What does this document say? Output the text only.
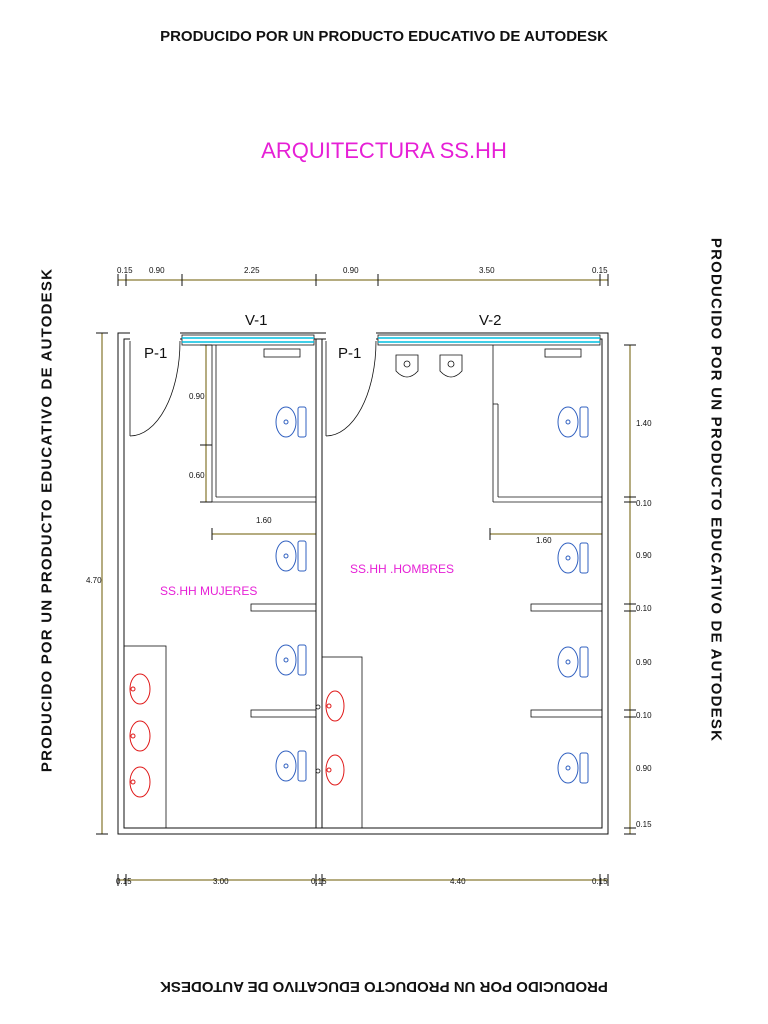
PRODUCIDO POR UN PRODUCTO EDUCATIVO DE AUTODESK
PRODUCIDO POR UN PRODUCTO EDUCATIVO DE AUTODESK	PRODUCIDO POR UN PRODUCTO EDUCATIVO DE AUTODESK
PRODUCIDO POR UN PRODUCTO EDUCATIVO DE AUTODESK
ARQUITECTURA SS.HH
0.15 0.90	2.25	0.90	3.50	0.15
0.15	3.00	0.15	4.40	0.15
4.70
0.90
0.60
1.60
1.60
1.40
0.10
0.90
0.10
0.90
0.10
0.90
0.15
V-1	V-2
P-1	P-1
SS.HH MUJERES
SS.HH .HOMBRES
